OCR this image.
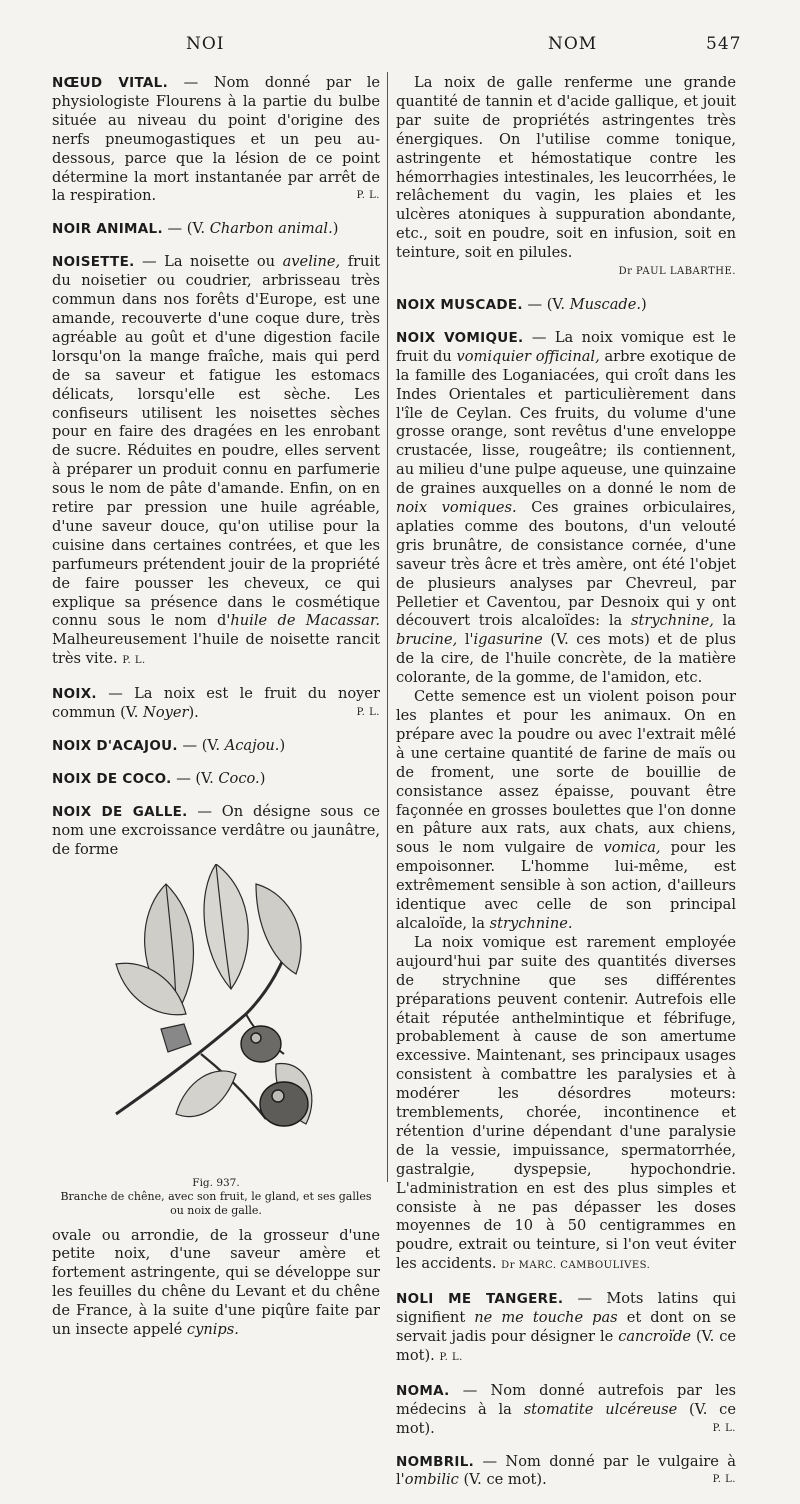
NOI	NOM	547

NŒUD VITAL. — Nom donné par le physiologiste Flourens à la partie du bulbe située au niveau du point d'origine des nerfs pneumogastiques et un peu au-dessous, parce que la lésion de ce point détermine la mort instantanée par arrêt de la respiration.	P. L.

NOIR ANIMAL. — (V. Charbon animal.)

NOISETTE. — La noisette ou aveline, fruit du noisetier ou coudrier, arbrisseau très commun dans nos forêts d'Europe, est une amande, recouverte d'une coque dure, très agréable au goût et d'une digestion facile lorsqu'on la mange fraîche, mais qui perd de sa saveur et fatigue les estomacs délicats, lorsqu'elle est sèche. Les confiseurs utilisent les noisettes sèches pour en faire des dragées en les enrobant de sucre. Réduites en poudre, elles servent à préparer un produit connu en parfumerie sous le nom de pâte d'amande. Enfin, on en retire par pression une huile agréable, d'une saveur douce, qu'on utilise pour la cuisine dans certaines contrées, et que les parfumeurs prétendent jouir de la propriété de faire pousser les cheveux, ce qui explique sa présence dans le cosmétique connu sous le nom d'huile de Macassar. Malheureusement l'huile de noisette rancit très vite. P. L.

NOIX. — La noix est le fruit du noyer commun (V. Noyer).	P. L.

NOIX D'ACAJOU. — (V. Acajou.)

NOIX DE COCO. — (V. Coco.)

NOIX DE GALLE. — On désigne sous ce nom une excroissance verdâtre ou jaunâtre, de forme

Fig. 937.
Branche de chêne, avec son fruit, le gland, et ses galles ou noix de galle.

ovale ou arrondie, de la grosseur d'une petite noix, d'une saveur amère et fortement astringente, qui se développe sur les feuilles du chêne du Levant et du chêne de France, à la suite d'une piqûre faite par un insecte appelé cynips.

La noix de galle renferme une grande quantité de tannin et d'acide gallique, et jouit par suite de propriétés astringentes très énergiques. On l'utilise comme tonique, astringente et hémostatique contre les hémorrhagies intestinales, les leucorrhées, le relâchement du vagin, les plaies et les ulcères atoniques à suppuration abondante, etc., soit en poudre, soit en infusion, soit en teinture, soit en pilules.

Dr PAUL LABARTHE.

NOIX MUSCADE. — (V. Muscade.)

NOIX VOMIQUE. — La noix vomique est le fruit du vomiquier officinal, arbre exotique de la famille des Loganiacées, qui croît dans les Indes Orientales et particulièrement dans l'île de Ceylan. Ces fruits, du volume d'une grosse orange, sont revêtus d'une enveloppe crustacée, lisse, rougeâtre; ils contiennent, au milieu d'une pulpe aqueuse, une quinzaine de graines auxquelles on a donné le nom de noix vomiques. Ces graines orbiculaires, aplaties comme des boutons, d'un velouté gris brunâtre, de consistance cornée, d'une saveur très âcre et très amère, ont été l'objet de plusieurs analyses par Chevreul, par Pelletier et Caventou, par Desnoix qui y ont découvert trois alcaloïdes: la strychnine, la brucine, l'igasurine (V. ces mots) et de plus de la cire, de l'huile concrète, de la matière colorante, de la gomme, de l'amidon, etc.

Cette semence est un violent poison pour les plantes et pour les animaux. On en prépare avec la poudre ou avec l'extrait mêlé à une certaine quantité de farine de maïs ou de froment, une sorte de bouillie de consistance assez épaisse, pouvant être façonnée en grosses boulettes que l'on donne en pâture aux rats, aux chats, aux chiens, sous le nom vulgaire de vomica, pour les empoisonner. L'homme lui-même, est extrêmement sensible à son action, d'ailleurs identique avec celle de son principal alcaloïde, la strychnine.

La noix vomique est rarement employée aujourd'hui par suite des quantités diverses de strychnine que ses différentes préparations peuvent contenir. Autrefois elle était réputée anthelmintique et fébrifuge, probablement à cause de son amertume excessive. Maintenant, ses principaux usages consistent à combattre les paralysies et à modérer les désordres moteurs: tremblements, chorée, incontinence et rétention d'urine dépendant d'une paralysie de la vessie, impuissance, spermatorrhée, gastralgie, dyspepsie, hypochondrie. L'administration en est des plus simples et consiste à ne pas dépasser les doses moyennes de 10 à 50 centigrammes en poudre, extrait ou teinture, si l'on veut éviter les accidents. Dr MARC. CAMBOULIVES.

NOLI ME TANGERE. — Mots latins qui signifient ne me touche pas et dont on se servait jadis pour désigner le cancroïde (V. ce mot). P. L.

NOMA. — Nom donné autrefois par les médecins à la stomatite ulcéreuse (V. ce mot).	P. L.

NOMBRIL. — Nom donné par le vulgaire à l'ombilic (V. ce mot).	P. L.
